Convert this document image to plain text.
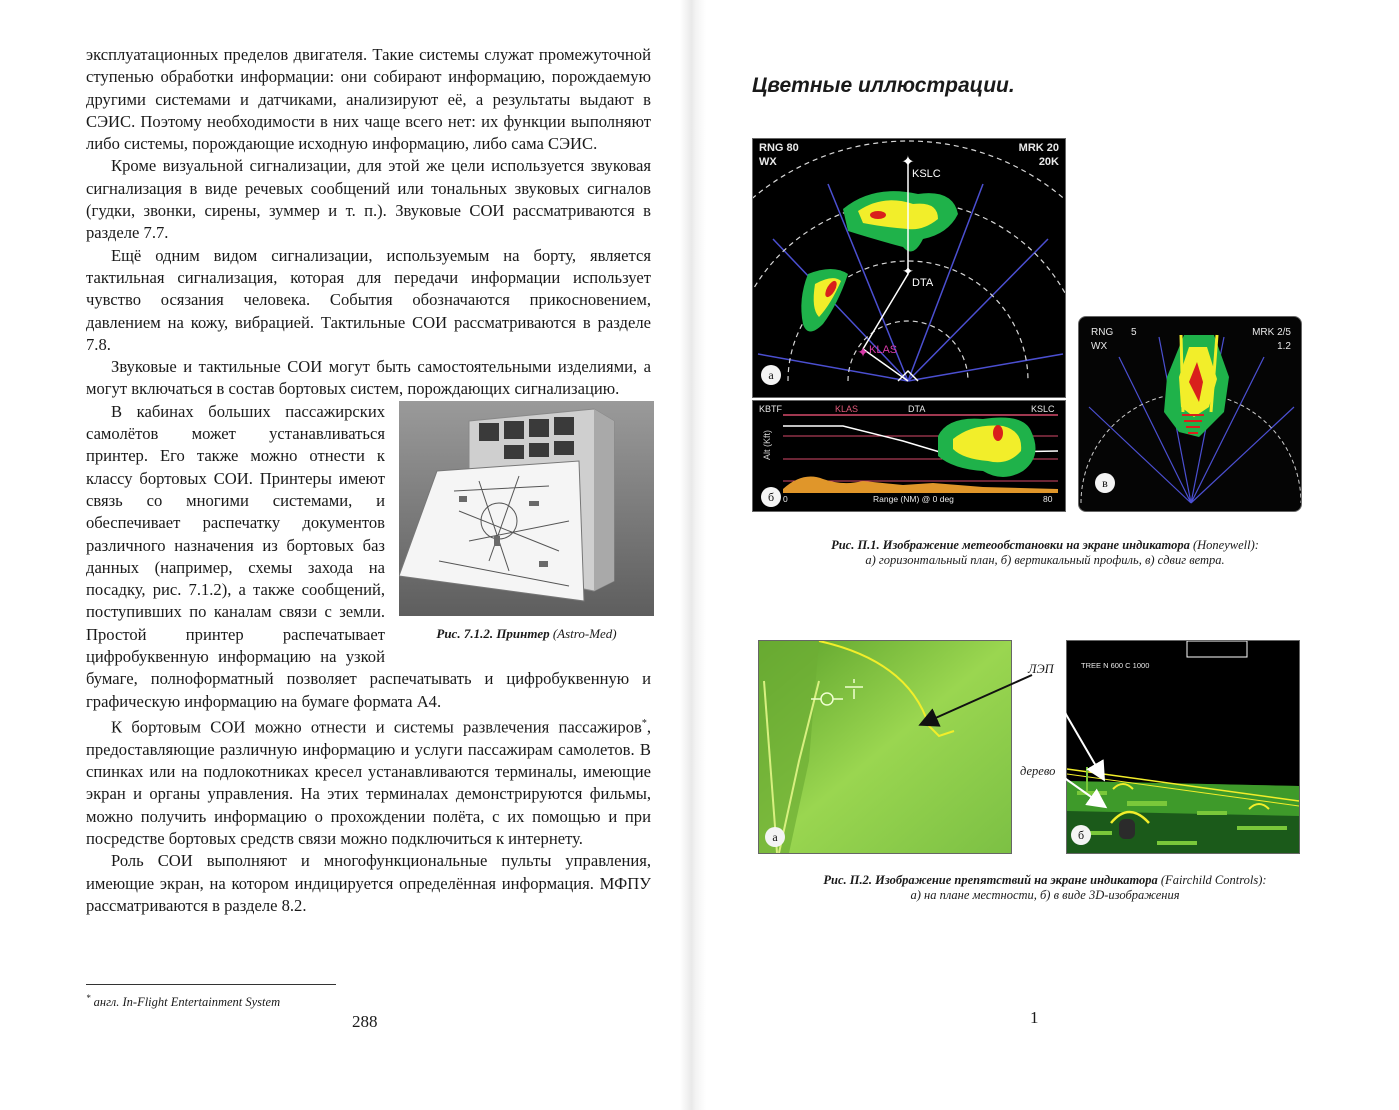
эксплуатационных пределов двигателя. Такие системы служат промежуточной ступенью обработки информации: они собирают информацию, порождаемую другими системами и датчиками, анализируют её, а результаты выдают в СЭИС. Поэтому необходимости в них чаще всего нет: их функции выполняют либо системы, порождающие исходную информацию, либо сама СЭИС.

Кроме визуальной сигнализации, для этой же цели используется звуковая сигнализация в виде речевых сообщений или тональных звуковых сигналов (гудки, звонки, сирены, зуммер и т. п.). Звуковые СОИ рассматриваются в разделе 7.7.

Ещё одним видом сигнализации, используемым на борту, является тактильная сигнализация, которая для передачи информации использует чувство осязания человека. События обозначаются прикосновением, давлением на кожу, вибрацией. Тактильные СОИ рассматриваются в разделе 7.8.

Звуковые и тактильные СОИ могут быть самостоятельными изделиями, а могут включаться в состав бортовых систем, порождающих сигнализацию.

Рис. 7.1.2. Принтер (Astro-Med)

В кабинах больших пассажирских самолётов может устанавливаться принтер. Его также можно отнести к классу бортовых СОИ. Принтеры имеют связь со многими системами, и обеспечивает распечатку документов различного назначения из бортовых баз данных (например, схемы захода на посадку, рис. 7.1.2), а также сообщений, поступивших по каналам связи с земли. Простой принтер распечатывает цифробуквенную информацию на узкой бумаге, полноформатный позволяет распечатывать и цифробуквенную и графическую информацию на бумаге формата А4.

К бортовым СОИ можно отнести и системы развлечения пассажиров*, предоставляющие различную информацию и услуги пассажирам самолетов. В спинках или на подлокотниках кресел устанавливаются терминалы, имеющие экран и органы управления. На этих терминалах демонстрируются фильмы, можно получить информацию о прохождении полёта, с их помощью и при посредстве бортовых средств связи можно подключиться к интернету.

Роль СОИ выполняют и многофункциональные пульты управления, имеющие экран, на котором индицируется определённая информация. МФПУ рассматриваются в разделе 8.2.

* англ. In-Flight Entertainment System
288
Цветные иллюстрации.
KSLC
DTA
KLAS
✦
✦
✦
RNG 80
WX
MRK 20
20K
а
Alt (Kft)
KBTF	KLAS	DTA	KSLC
Range (NM) @ 0 deg
0	80
б
RNG 5
WX
MRK 2/5
1.2
в
Рис. П.1. Изображение метеообстановки на экране индикатора (Honeywell):
а) горизонтальный план, б) вертикальный профиль, в) сдвиг ветра.
а
TREE N 600 C 1000
б
ЛЭП
дерево
Рис. П.2. Изображение препятствий на экране индикатора (Fairchild Controls):
а) на плане местности, б) в виде 3D-изображения
1
